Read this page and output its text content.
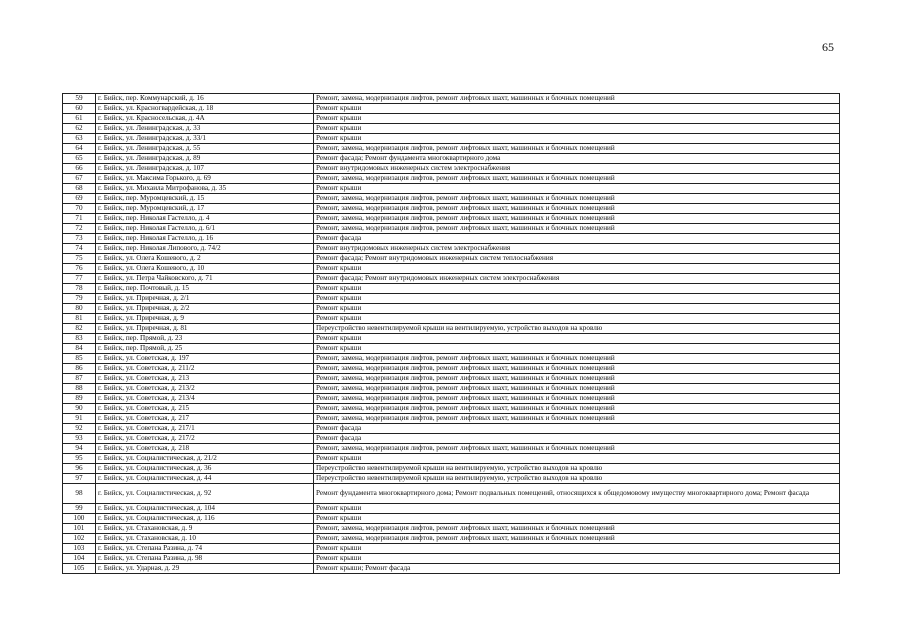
65
59	г. Бийск, пер. Коммунарский, д. 16	Ремонт, замена, модернизация лифтов, ремонт лифтовых шахт, машинных и блочных помещений
60	г. Бийск, ул. Красногвардейская, д. 18	Ремонт крыши
61	г. Бийск, ул. Красносельская, д. 4А	Ремонт крыши
62	г. Бийск, ул. Ленинградская, д. 33	Ремонт крыши
63	г. Бийск, ул. Ленинградская, д. 33/1	Ремонт крыши
64	г. Бийск, ул. Ленинградская, д. 55	Ремонт, замена, модернизация лифтов, ремонт лифтовых шахт, машинных и блочных помещений
65	г. Бийск, ул. Ленинградская, д. 89	Ремонт фасада; Ремонт фундамента многоквартирного дома
66	г. Бийск, ул. Ленинградская, д. 107	Ремонт внутридомовых инженерных систем электроснабжения
67	г. Бийск, ул. Максима Горького, д. 69	Ремонт, замена, модернизация лифтов, ремонт лифтовых шахт, машинных и блочных помещений
68	г. Бийск, ул. Михаила Митрофанова, д. 35	Ремонт крыши
69	г. Бийск, пер. Муромцевский, д. 15	Ремонт, замена, модернизация лифтов, ремонт лифтовых шахт, машинных и блочных помещений
70	г. Бийск, пер. Муромцевский, д. 17	Ремонт, замена, модернизация лифтов, ремонт лифтовых шахт, машинных и блочных помещений
71	г. Бийск, пер. Николая Гастелло, д. 4	Ремонт, замена, модернизация лифтов, ремонт лифтовых шахт, машинных и блочных помещений
72	г. Бийск, пер. Николая Гастелло, д. 6/1	Ремонт, замена, модернизация лифтов, ремонт лифтовых шахт, машинных и блочных помещений
73	г. Бийск, пер. Николая Гастелло, д. 16	Ремонт фасада
74	г. Бийск, пер. Николая Липового, д. 74/2	Ремонт внутридомовых инженерных систем электроснабжения
75	г. Бийск, ул. Олега Кошевого, д. 2	Ремонт фасада; Ремонт внутридомовых инженерных систем теплоснабжения
76	г. Бийск, ул. Олега Кошевого, д. 10	Ремонт крыши
77	г. Бийск, ул. Петра Чайковского, д. 71	Ремонт фасада; Ремонт внутридомовых инженерных систем электроснабжения
78	г. Бийск, пер. Почтовый, д. 15	Ремонт крыши
79	г. Бийск, ул. Приречная, д. 2/1	Ремонт крыши
80	г. Бийск, ул. Приречная, д. 2/2	Ремонт крыши
81	г. Бийск, ул. Приречная, д. 9	Ремонт крыши
82	г. Бийск, ул. Приречная, д. 81	Переустройство невентилируемой крыши на вентилируемую, устройство выходов на кровлю
83	г. Бийск, пер. Прямой, д. 23	Ремонт крыши
84	г. Бийск, пер. Прямой, д. 25	Ремонт крыши
85	г. Бийск, ул. Советская, д. 197	Ремонт, замена, модернизация лифтов, ремонт лифтовых шахт, машинных и блочных помещений
86	г. Бийск, ул. Советская, д. 211/2	Ремонт, замена, модернизация лифтов, ремонт лифтовых шахт, машинных и блочных помещений
87	г. Бийск, ул. Советская, д. 213	Ремонт, замена, модернизация лифтов, ремонт лифтовых шахт, машинных и блочных помещений
88	г. Бийск, ул. Советская, д. 213/2	Ремонт, замена, модернизация лифтов, ремонт лифтовых шахт, машинных и блочных помещений
89	г. Бийск, ул. Советская, д. 213/4	Ремонт, замена, модернизация лифтов, ремонт лифтовых шахт, машинных и блочных помещений
90	г. Бийск, ул. Советская, д. 215	Ремонт, замена, модернизация лифтов, ремонт лифтовых шахт, машинных и блочных помещений
91	г. Бийск, ул. Советская, д. 217	Ремонт, замена, модернизация лифтов, ремонт лифтовых шахт, машинных и блочных помещений
92	г. Бийск, ул. Советская, д. 217/1	Ремонт фасада
93	г. Бийск, ул. Советская, д. 217/2	Ремонт фасада
94	г. Бийск, ул. Советская, д. 218	Ремонт, замена, модернизация лифтов, ремонт лифтовых шахт, машинных и блочных помещений
95	г. Бийск, ул. Социалистическая, д. 21/2	Ремонт крыши
96	г. Бийск, ул. Социалистическая, д. 36	Переустройство невентилируемой крыши на вентилируемую, устройство выходов на кровлю
97	г. Бийск, ул. Социалистическая, д. 44	Переустройство невентилируемой крыши на вентилируемую, устройство выходов на кровлю
98	г. Бийск, ул. Социалистическая, д. 92	Ремонт фундамента многоквартирного дома; Ремонт подвальных помещений, относящихся к общедомовому имуществу многоквартирного дома; Ремонт фасада
99	г. Бийск, ул. Социалистическая, д. 104	Ремонт крыши
100	г. Бийск, ул. Социалистическая, д. 116	Ремонт крыши
101	г. Бийск, ул. Стахановская, д. 9	Ремонт, замена, модернизация лифтов, ремонт лифтовых шахт, машинных и блочных помещений
102	г. Бийск, ул. Стахановская, д. 10	Ремонт, замена, модернизация лифтов, ремонт лифтовых шахт, машинных и блочных помещений
103	г. Бийск, ул. Степана Разина, д. 74	Ремонт крыши
104	г. Бийск, ул. Степана Разина, д. 98	Ремонт крыши
105	г. Бийск, ул. Ударная, д. 29	Ремонт крыши; Ремонт фасада
